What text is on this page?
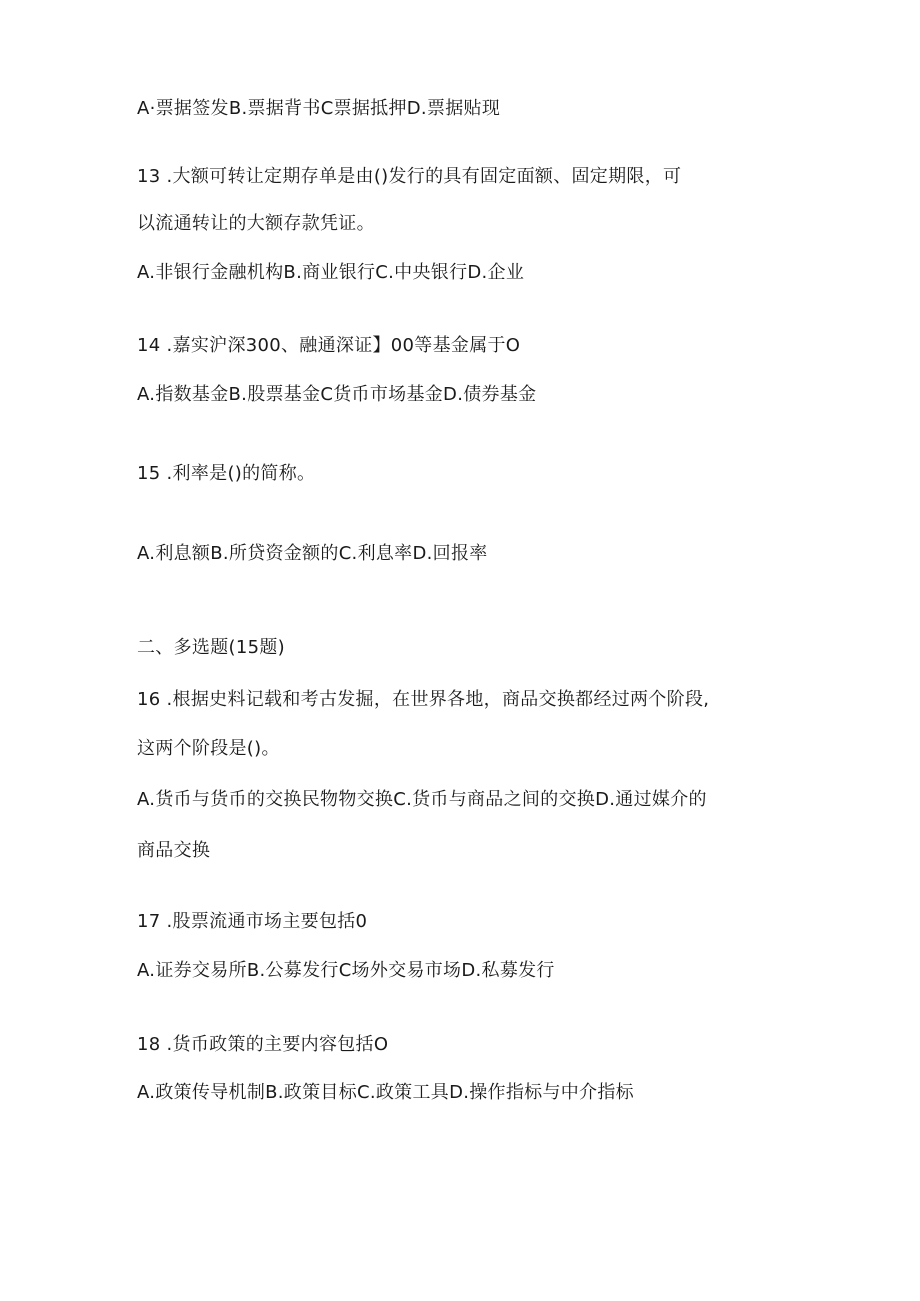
A·票据签发B.票据背书C票据抵押D.票据贴现
13 .大额可转让定期存单是由()发行的具有固定面额、固定期限，可
以流通转让的大额存款凭证。
A.非银行金融机构B.商业银行C.中央银行D.企业
14 .嘉实沪深300、融通深证】00等基金属于O
A.指数基金B.股票基金C货币市场基金D.债券基金
15 .利率是()的简称。
A.利息额B.所贷资金额的C.利息率D.回报率
二、多选题(15题)
16 .根据史料记载和考古发掘，在世界各地，商品交换都经过两个阶段,
这两个阶段是()。
A.货币与货币的交换民物物交换C.货币与商品之间的交换D.通过媒介的
商品交换
17 .股票流通市场主要包括0
A.证券交易所B.公募发行C场外交易市场D.私募发行
18 .货币政策的主要内容包括O
A.政策传导机制B.政策目标C.政策工具D.操作指标与中介指标
